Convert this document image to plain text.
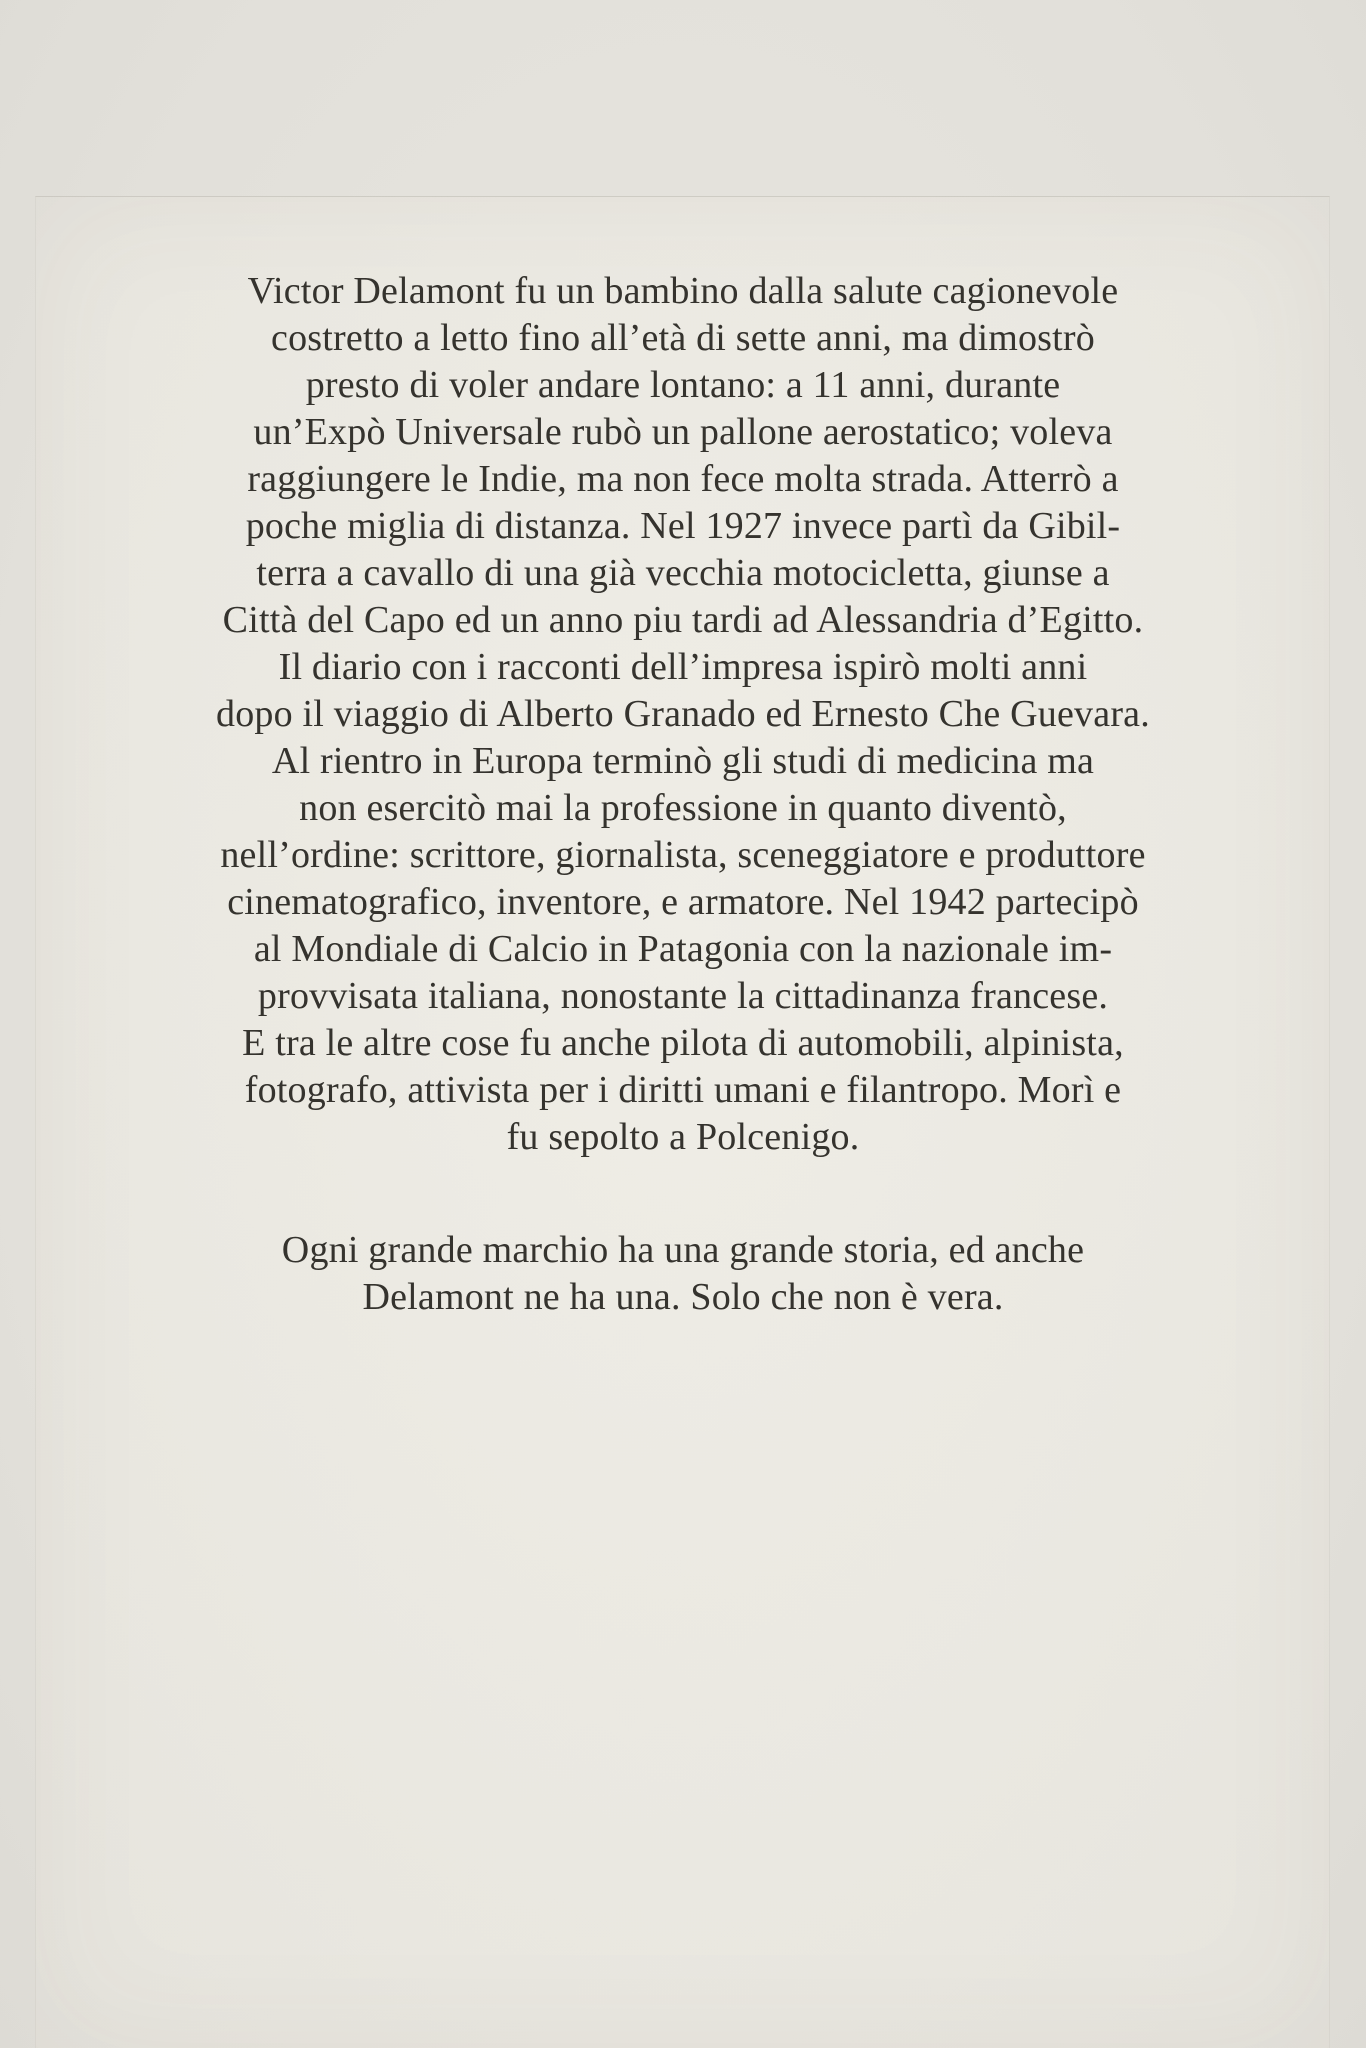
Victor Delamont fu un bambino dalla salute cagionevole
costretto a letto fino all’età di sette anni, ma dimostrò
presto di voler andare lontano: a 11 anni, durante
un’Expò Universale rubò un pallone aerostatico; voleva
raggiungere le Indie, ma non fece molta strada. Atterrò a
poche miglia di distanza. Nel 1927 invece partì da Gibil-
terra a cavallo di una già vecchia motocicletta, giunse a
Città del Capo ed un anno piu tardi ad Alessandria d’Egitto.
Il diario con i racconti dell’impresa ispirò molti anni
dopo il viaggio di Alberto Granado ed Ernesto Che Guevara.
Al rientro in Europa terminò gli studi di medicina ma
non esercitò mai la professione in quanto diventò,
nell’ordine: scrittore, giornalista, sceneggiatore e produttore
cinematografico, inventore, e armatore. Nel 1942 partecipò
al Mondiale di Calcio in Patagonia con la nazionale im-
provvisata italiana, nonostante la cittadinanza francese.
E tra le altre cose fu anche pilota di automobili, alpinista,
fotografo, attivista per i diritti umani e filantropo. Morì e
fu sepolto a Polcenigo.
Ogni grande marchio ha una grande storia, ed anche
Delamont ne ha una. Solo che non è vera.
